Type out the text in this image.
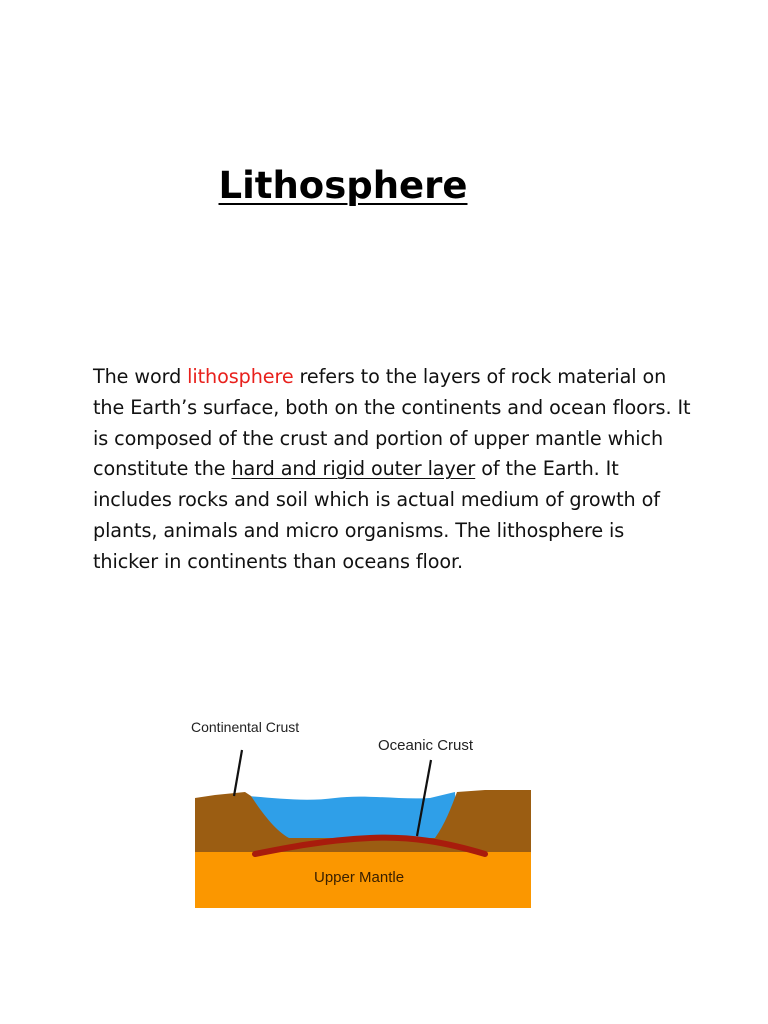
Lithosphere

The word lithosphere refers to the layers of rock material on the Earth’s surface, both on the continents and ocean floors. It is composed of the crust and portion of upper mantle which constitute the hard and rigid outer layer of the Earth. It includes rocks and soil which is actual medium of growth of plants, animals and micro organisms. The lithosphere is thicker in continents than oceans floor.

Continental Crust
Oceanic Crust
Upper Mantle
